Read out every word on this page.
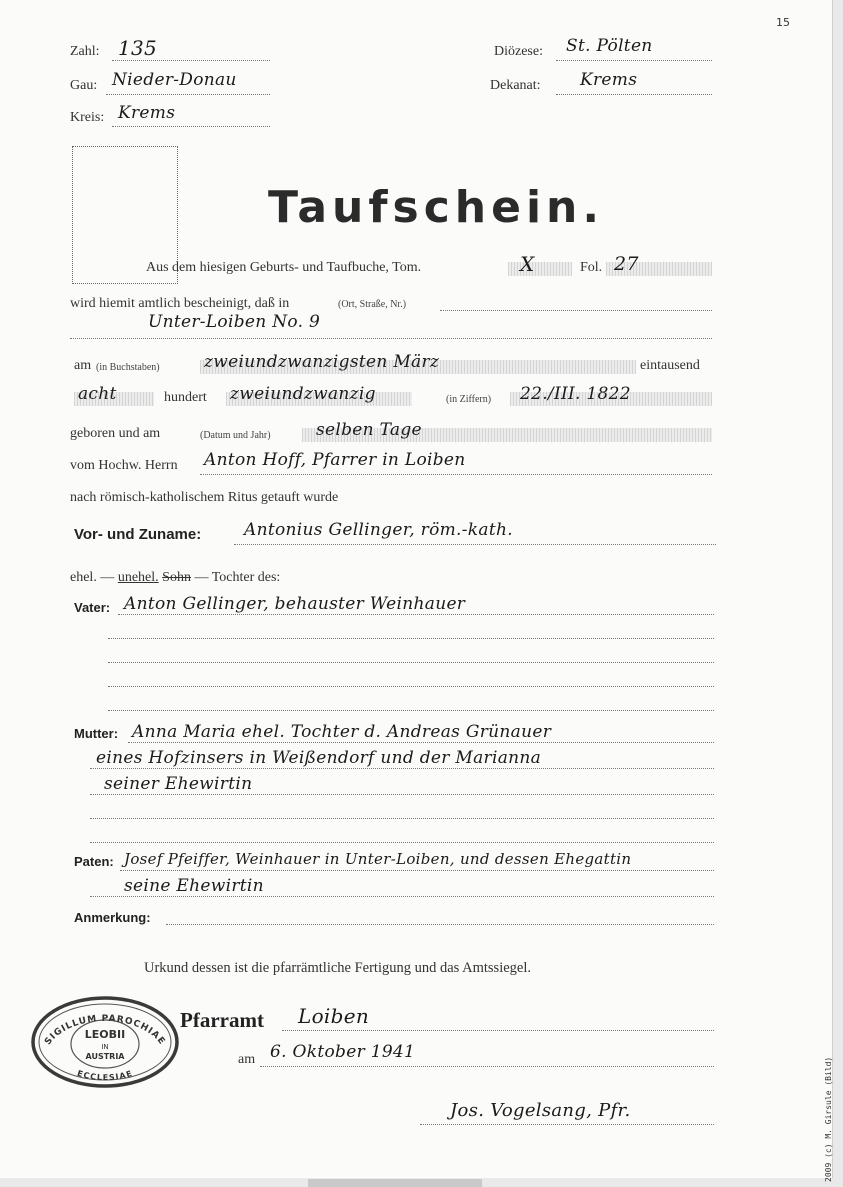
15
Zahl: 135
Gau: Nieder-Donau
Kreis: Krems
Diözese: St. Pölten
Dekanat: Krems
Taufschein.
Aus dem hiesigen Geburts- und Taufbuche, Tom.	X	Fol. 27
wird hiemit amtlich bescheinigt, daß in	(Ort, Straße, Nr.)
Unter-Loiben No. 9
am (in Buchstaben)	zweiundzwanzigsten März	eintausend
acht	hundert zweiundzwanzig	(in Ziffern) 22./III. 1822
geboren und am	(Datum und Jahr)	selben Tage
vom Hochw. Herrn Anton Hoff, Pfarrer in Loiben
nach römisch-katholischem Ritus getauft wurde
Vor- und Zuname:	Antonius Gellinger, röm.-kath.
ehel. — unehel. Sohn — Tochter des:
Vater: Anton Gellinger, behauster Weinhauer
Mutter: Anna Maria ehel. Tochter d. Andreas Grünauer
eines Hofzinsers in Weißendorf und der Marianna
seiner Ehewirtin
Paten: Josef Pfeiffer, Weinhauer in Unter-Loiben, und dessen Ehegattin
seine Ehewirtin
Anmerkung:
Urkund dessen ist die pfarrämtliche Fertigung und das Amtssiegel.
Pfarramt Loiben
am 6. Oktober 1941
Jos. Vogelsang, Pfr.
SIGILLUM PAROCHIAE
ECCLESIAE
LEOBII
IN
AUSTRIA
2009 (c) M. Girsule (Bild)
